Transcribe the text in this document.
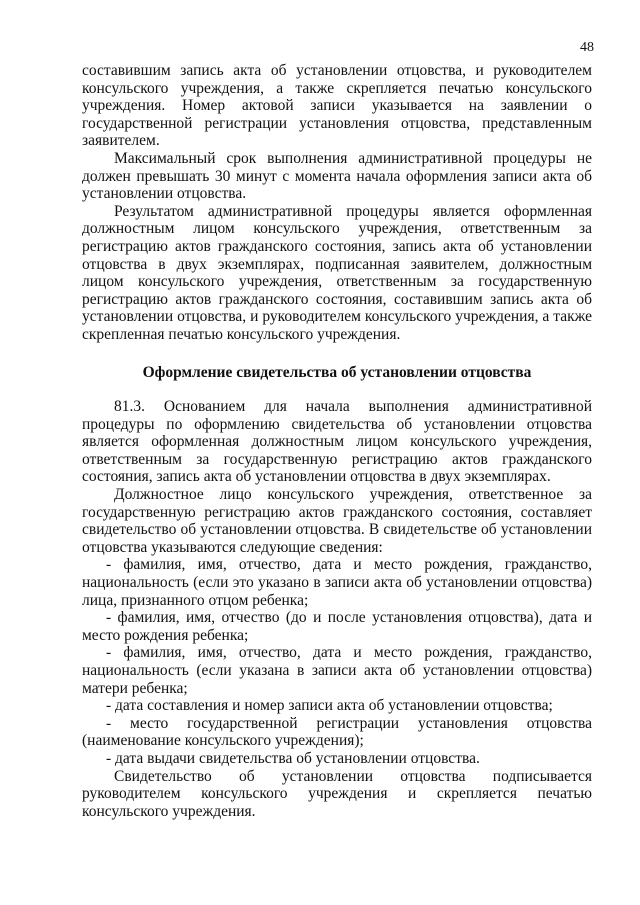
48

составившим запись акта об установлении отцовства, и руководителем консульского учреждения, а также скрепляется печатью консульского учреждения. Номер актовой записи указывается на заявлении о государственной регистрации установления отцовства, представленным заявителем.

Максимальный срок выполнения административной процедуры не должен превышать 30 минут с момента начала оформления записи акта об установлении отцовства.

Результатом административной процедуры является оформленная должностным лицом консульского учреждения, ответственным за регистрацию актов гражданского состояния, запись акта об установлении отцовства в двух экземплярах, подписанная заявителем, должностным лицом консульского учреждения, ответственным за государственную регистрацию актов гражданского состояния, составившим запись акта об установлении отцовства, и руководителем консульского учреждения, а также скрепленная печатью консульского учреждения.

Оформление свидетельства об установлении отцовства

81.3. Основанием для начала выполнения административной процедуры по оформлению свидетельства об установлении отцовства является оформленная должностным лицом консульского учреждения, ответственным за государственную регистрацию актов гражданского состояния, запись акта об установлении отцовства в двух экземплярах.

Должностное лицо консульского учреждения, ответственное за государственную регистрацию актов гражданского состояния, составляет свидетельство об установлении отцовства. В свидетельстве об установлении отцовства указываются следующие сведения:

- фамилия, имя, отчество, дата и место рождения, гражданство, национальность (если это указано в записи акта об установлении отцовства) лица, признанного отцом ребенка;

- фамилия, имя, отчество (до и после установления отцовства), дата и место рождения ребенка;

- фамилия, имя, отчество, дата и место рождения, гражданство, национальность (если указана в записи акта об установлении отцовства) матери ребенка;

- дата составления и номер записи акта об установлении отцовства;

- место государственной регистрации установления отцовства (наименование консульского учреждения);

- дата выдачи свидетельства об установлении отцовства.

Свидетельство об установлении отцовства подписывается руководителем консульского учреждения и скрепляется печатью консульского учреждения.
